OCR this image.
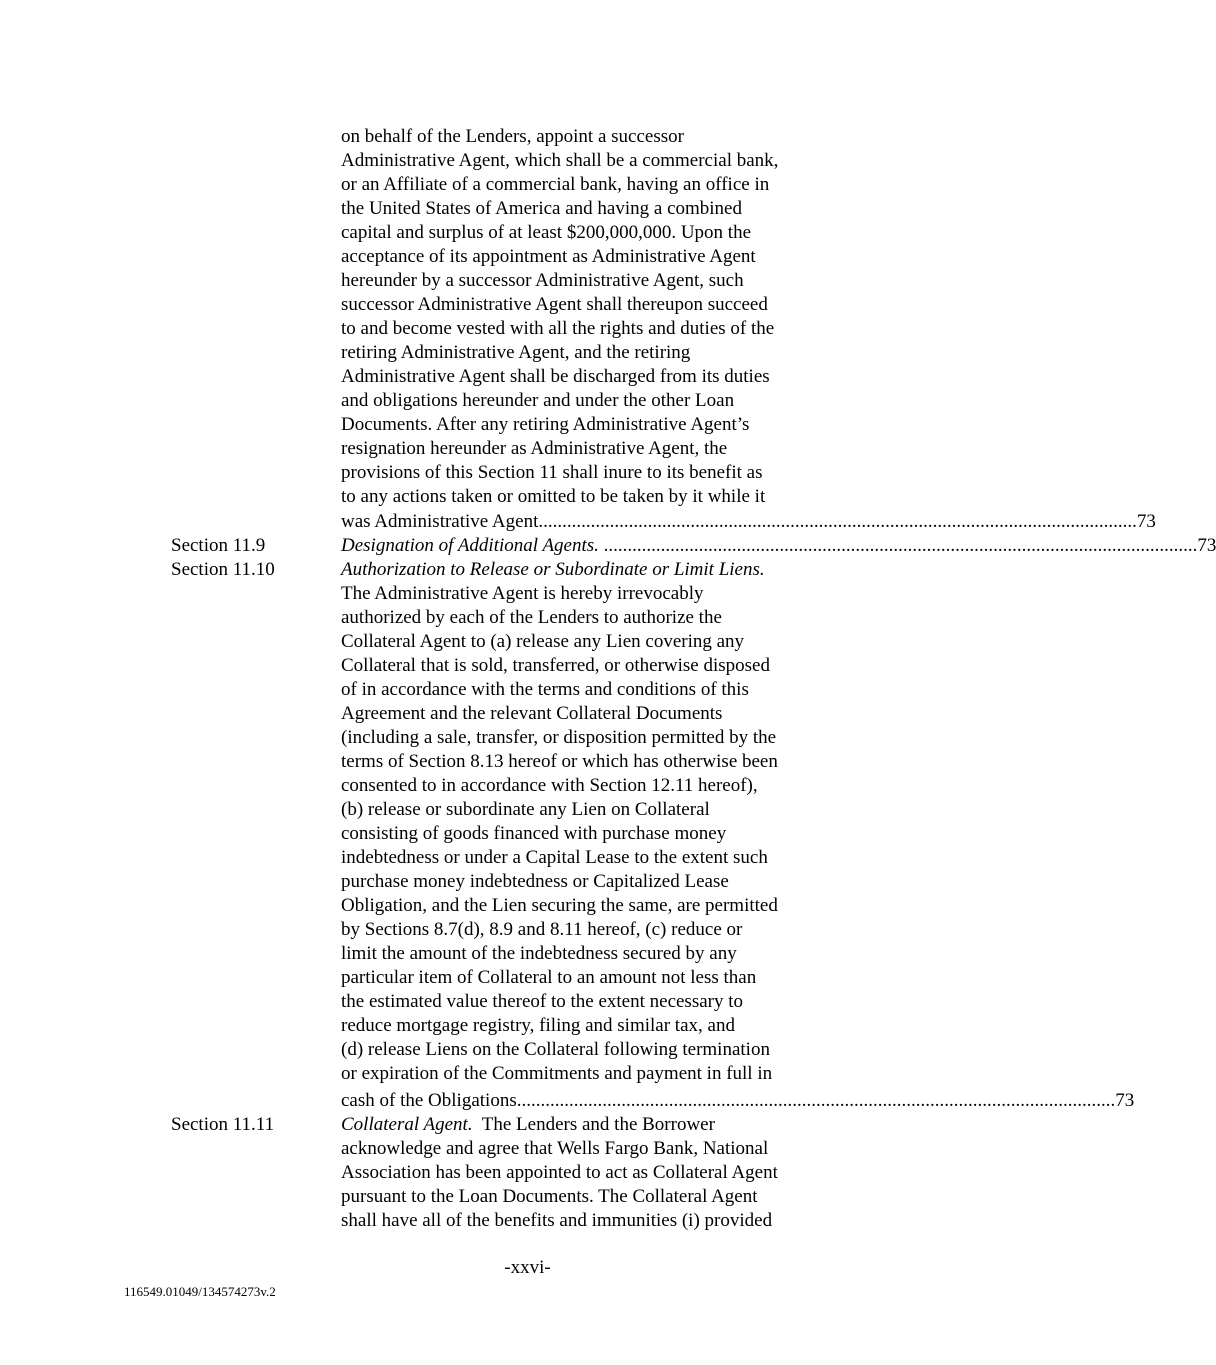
on behalf of the Lenders, appoint a successor
Administrative Agent, which shall be a commercial bank,
or an Affiliate of a commercial bank, having an office in
the United States of America and having a combined
capital and surplus of at least $200,000,000. Upon the
acceptance of its appointment as Administrative Agent
hereunder by a successor Administrative Agent, such
successor Administrative Agent shall thereupon succeed
to and become vested with all the rights and duties of the
retiring Administrative Agent, and the retiring
Administrative Agent shall be discharged from its duties
and obligations hereunder and under the other Loan
Documents. After any retiring Administrative Agent’s
resignation hereunder as Administrative Agent, the
provisions of this Section 11 shall inure to its benefit as
to any actions taken or omitted to be taken by it while it
was Administrative Agent .............................................................................................................................. 73
Section 11.9	Designation of Additional Agents. ............................................................................................................................. 73
Section 11.10	Authorization to Release or Subordinate or Limit Liens.
The Administrative Agent is hereby irrevocably
authorized by each of the Lenders to authorize the
Collateral Agent to (a) release any Lien covering any
Collateral that is sold, transferred, or otherwise disposed
of in accordance with the terms and conditions of this
Agreement and the relevant Collateral Documents
(including a sale, transfer, or disposition permitted by the
terms of Section 8.13 hereof or which has otherwise been
consented to in accordance with Section 12.11 hereof),
(b) release or subordinate any Lien on Collateral
consisting of goods financed with purchase money
indebtedness or under a Capital Lease to the extent such
purchase money indebtedness or Capitalized Lease
Obligation, and the Lien securing the same, are permitted
by Sections 8.7(d), 8.9 and 8.11 hereof, (c) reduce or
limit the amount of the indebtedness secured by any
particular item of Collateral to an amount not less than
the estimated value thereof to the extent necessary to
reduce mortgage registry, filing and similar tax, and
(d) release Liens on the Collateral following termination
or expiration of the Commitments and payment in full in
cash of the Obligations .............................................................................................................................. 73
Section 11.11	Collateral Agent.  The Lenders and the Borrower
acknowledge and agree that Wells Fargo Bank, National
Association has been appointed to act as Collateral Agent
pursuant to the Loan Documents. The Collateral Agent
shall have all of the benefits and immunities (i) provided
-xxvi-
116549.01049/134574273v.2
